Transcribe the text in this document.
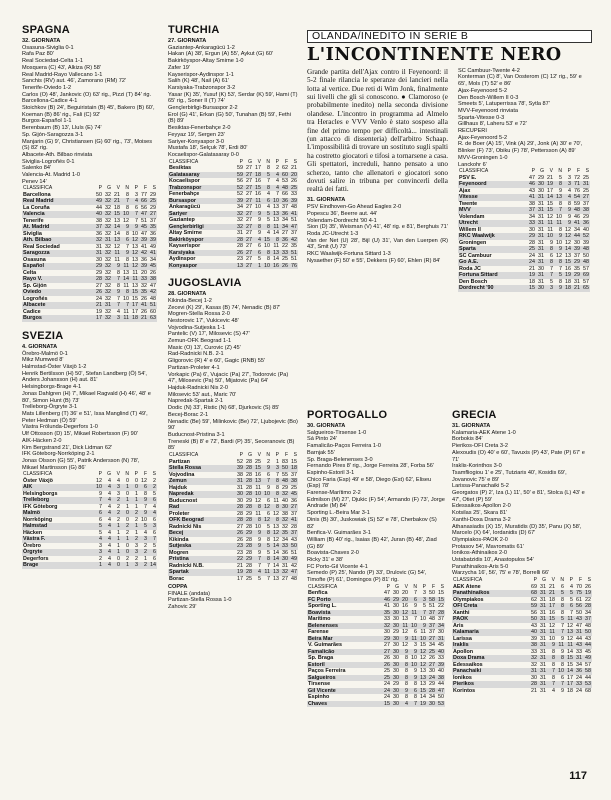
SPAGNA
32. GIORNATA
Osasuna-Siviglia 0-1
Rafa Paz 80'
Real Sociedad-Celta 1-1
Mosquera (C) 43', Alkiza (R) 58'
Real Madrid-Rayo Vallecano 1-1
Sanchis (RV) aut. 46', Zamorano (RM) 72'
Tenerife-Oviedo 1-2
Carlos (O) 48', Jankovic (O) 63' rig., Pizzi (T) 84' rig.
Barcellona-Cadice 4-1
Stoichkov (B) 24', Beguiristain (B) 45', Bakero (B) 60', Koeman (B) 86' rig., Fali (C) 92'
Burgos-Español 1-1
Berenbaum (B) 13', Lluís (E) 74'
Sp. Gijón-Saragozza 3-1
Manjarin (G) 9', Christiansen (G) 60' rig., 73', Moises (S) 82' rig.
Albacete-Ath. Bilbao rinviata
Siviglia-Logroñés 0-1
Salenko 84'
Valencia-At. Madrid 1-0
Penev 14'
CLASSIFICA	P	G	V	N	P	F	S
Barcellona	50	32	21	8	3	77	29
Real Madrid	49	32	21	7	4	66	25
La Coruña	44	32	18	8	6	56	29
Valencia	40	32	15	10	7	47	27
Tenerife	38	32	13	12	7	51	37
At. Madrid	37	32	14	9	9	45	35
Siviglia	36	32	14	8	10	47	36
Ath. Bilbao	32	31	13	6	12	39	39
Real Sociedad	31	32	12	7	13	41	49
Saragozza	31	32	11	9	12	42	41
Osasuna	30	32	11	8	13	36	34
Español	29	32	9	11	12	39	45
Celta	29	32	8	13	11	20	26
Rayo V.	28	32	7	14	11	33	38
Sp. Gijón	27	32	8	11	13	32	47
Oviedo	26	32	9	8	15	35	42
Logroñés	24	32	7	10	15	26	48
Albacete	21	31	7	7	17	41	51
Cadice	19	32	4	11	17	26	60
Burgos	17	32	3	11	18	21	63
SVEZIA
4. GIORNATA
Örebro-Malmö 0-1
Mikz Mumwed 8'
Halmstad-Öster Växjö 1-2
Henrik Bertilsson (H) 50', Stefan Landberg (Ö) 54', Anders Johansson (H) aut. 81'
Helsingborgs-Brage 4-1
Jonas Dahlgren (H) 7', Mikael Ragvald (H) 46', 48' e 80', Simon Hunt (B) 73'
Trelleborg-Örgryte 3-1
Mats Lillenberg (T) 36' e 51', Issa Manglind (T) 49', Peter Hedman (Ö) 59'
Västra Frölunda-Degerfors 1-0
Ulf Ottosson (D) 15', Mikael Robertsson (F) 90'
AIK-Häcken 2-0
Kim Bergstrand 21', Dick Lidman 62'
IFK Göteborg-Norrköping 2-1
Jonas Olsson (G) 55', Patrik Andersson (N) 78', Mikael Martinsson (G) 86'
CLASSIFICA	P	G	V	N	P	F	S
Öster Växjö	12	4	4	0	0	12	2
AIK	10	4	3	1	0	6	2
Helsingborgs	9	4	3	0	1	8	5
Trelleborg	7	4	2	1	1	9	6
IFK Göteborg	7	4	2	1	1	7	4
Malmö	6	4	2	0	2	9	4
Norrköping	6	4	2	0	2	10	6
Halmstad	5	4	1	2	1	5	3
Häcken	5	4	1	2	1	4	6
Västra F.	4	4	1	1	2	3	7
Örebro	3	4	1	0	3	2	5
Örgryte	3	4	1	0	3	2	6
Degerfors	2	4	0	2	2	1	6
Brage	1	4	0	1	3	2	14
TURCHIA
27. GIORNATA
Gaziantep-Ankaragücü 1-2
Hakan (A) 38', Ergun (A) 55', Aykut (G) 60'
Bakirköyspor-Altay Smirne 1-0
Zafer 19'
Kayserispor-Aydinspor 1-1
Salih (K) 48', Nail (A) 61'
Karsiyaka-Trabzonspor 3-2
Yasar (K) 35', Yusuf (K) 53', Serdar (K) 59', Hami (T) 65' rig., Soner II (T) 74'
Gençlerbirligi-Bursaspor 2-2
Erol (G) 41', Erkan (G) 50', Tunahan (B) 59', Fethi (B) 89'
Besiktas-Fenerbahçe 2-0
Feyyaz 19', Sergen 23'
Sariyer-Konyaspor 3-0
Mustafa 18', Selçuk 78', Erdi 80'
Kocaelispor-Galatasaray 0-0
CLASSIFICA	P	G	V	N	P	F	S
Besiktas	59	27	17	8	2	62	21
Galatasaray	59	27	18	5	4	60	20
Kocaelispor	56	27	16	7	4	53	26
Trabzonspor	52	27	15	8	4	48	25
Fenerbahçe	52	27	16	4	7	66	33
Bursaspor	39	27	11	6	10	36	39
Ankaragücü	34	27	10	4	13	37	48
Sariyer	32	27	9	5	13	36	41
Gaziantep	32	27	9	5	13	34	51
Gençlerbirligi	32	27	8	8	11	34	47
Altay Smirne	31	27	9	4	14	27	37
Bakirköyspor	28	27	4	15	8	36	42
Kayserispor	28	27	6	10	11	22	35
Karsiyaka	26	27	6	8	13	33	51
Aydinspor	23	27	5	8	14	25	51
Konyaspor	13	27	1	10	16	26	76
JUGOSLAVIA
28. GIORNATA
Kikinda-Becej 1-2
Zecevi (K) 29', Kasas (B) 74', Nenadic (B) 87'
Mogren-Stella Rossa 2-0
Nestorovic 17', Vukicevic 48'
Vojvodina-Sutjeska 1-1
Pantelic (V) 17', Milosevic (S) 47'
Zemun-OFK Beograd 1-1
Masic (O) 13', Curovic (Z) 45'
Rad-Radnicki N.B. 2-1
Gligorovic (R) 4' e 60', Gagic (RNB) 55'
Partizan-Proleter 4-1
Vorkapic (Pa) 6', Vujacic (Pa) 27', Todorovic (Pa) 47', Milosevic (Pa) 50', Mijatovic (Pa) 64'
Hajduk-Radnicki Nis 2-0
Milosevic 53' aut., Maric 70'
Napredak-Spartak 2-1
Dodic (N) 33', Ristic (N) 68', Djurkovic (S) 85'
Becej-Borac 2-1
Nenadic (Be) 59', Milinkovic (Be) 72', Ljubojevic (Bo) 90'
Buducnost-Pristina 3-1
Treneski (B) 8' e 72', Bardi (P) 35', Seceranovic (B) 85'
CLASSIFICA	P	G	V	N	P	F	S
Partizan	52	28	25	2	1	83	15
Stella Rossa	39	28	15	9	3	50	18
Vojvodina	38	28	16	6	7	55	37
Zemun	31	28	13	7	8	48	38
Hajduk	31	28	11	9	8	29	25
Napredak	30	28	10	10	8	32	45
Buducnost	30	29	12	6	11	40	36
Rad	28	28	8	12	8	30	27
Proleter	28	29	11	6	12	38	37
OFK Beograd	28	28	8	12	8	32	41
Radnicki Nis	27	28	10	5	13	32	28
Becej	26	29	9	8	12	35	37
Kikinda	26	28	9	8	12	34	43
Sutjeska	23	28	9	5	14	33	50
Mogren	23	28	9	5	14	36	51
Pristina	22	29	7	8	14	30	49
Radnicki N.B.	21	28	7	7	14	31	42
Spartak	19	28	4	11	13	32	47
Borac	17	25	5	7	13	27	48
COPPA
FINALE (andata)
Partizan-Stella Rossa 1-0
Zahovic 29'
OLANDA/INEDITO IN SERIE B
L'INCONTINENTE NERO
Grande partita dell'Ajax contro il Feyenoord: il 5-2 finale rilancia le speranze dei lancieri nella lotta al vertice. Due reti di Wim Jonk, finalmente sui livelli che gli si conoscono. ● Clamoroso (e probabilmente inedito) nella seconda divisione olandese. L'incontro in programma ad Almelo tra Heracles e VVV Venlo è stato sospeso alla fine del primo tempo per difficoltà... intestinali (un attacco di dissenteria) dell'arbitro Schaap. L'impossibilità di trovare un sostituto sugli spalti ha costretto giocatori e tifosi a tornarsene a casa. Gli spettatori, increduli, hanno pensato a uno scherzo, tanto che allenatori e giocatori sono dovuti salire in tribuna per convincerli della realtà dei fatti.
31. GIORNATA
PSV Eindhoven-Go Ahead Eagles 2-0
Popescu 36', Beerre aut. 44'
Volendam-Dordrecht '90 4-1
Sion (D) 35', Weisman (V) 41', 48' rig. e 81', Berghuis 71'
Roda JC-Utrecht 1-3
Van der Net (U) 28', Bijl (U) 31', Van den Luerpen (R) 43', Smit (U) 73'
RKC Waalwijk-Fortuna Sittard 1-3
Nysaether (F) 50' e 55', Dekkers (F) 60', Ehlen (R) 84'
SC Cambuur-Twente 4-2
Konterman (C) 8', Van Oosterom (C) 12' rig., 59' e 65', Mols (T) 52' e 86'
Ajax-Feyenoord 5-2
Den Bosch-Willem II 0-3
Smeets 5', Latuperrissa 78', Sytla 87'
MVV-Feyenoord rinviata
Sparta-Vitesse 0-3
Gillhaus 8', Laheru 53' e 72'
RECUPERI
Ajax-Feyenoord 5-2
R. de Boer (A) 15', Vink (A) 29', Jonk (A) 30' e 70', Blinker (F) 73', Obiku (F) 78', Pettersson (A) 89'
MVV-Groningen 1-0
Lanckohr 6'
CLASSIFICA	P	G	V	N	P	F	S
PSV E.	47	29	21	5	3	72	25
Feyenoord	46	30	19	8	3	71	31
Ajax	43	30	17	9	4	76	25
Vitesse	41	31	14	13	4	54	27
Twente	38	31	15	8	8	59	37
MVV	37	31	15	7	9	48	38
Volendam	34	31	12	10	9	46	29
Utrecht	33	31	11	11	9	41	36
Willem II	30	31	11	8	12	34	40
RKC Waalwijk	29	31	10	9	12	44	52
Groningen	28	31	9	10	12	30	39
Sparta	25	31	8	9	14	39	48
SC Cambuur	24	31	6	12	13	37	50
Go A.E.	24	31	8	8	15	29	48
Roda JC	21	30	7	7	16	35	57
Fortuna Sittard	19	31	7	5	19	29	69
Den Bosch	18	31	5	8	18	31	57
Dordrecht '90	15	30	3	9	18	21	65
PORTOGALLO
30. GIORNATA
Salgueiros-Tirsense 1-0
Sá Pinto 24'
Famalicão-Paços Ferreira 1-0
Barnjak 55'
Sp. Braga-Belenenses 3-0
Fernando Pires 8' rig., Jorge Ferreira 28', Forba 56'
Espinho-Estoril 3-1
Chico Faria (Esp) 49' e 58', Diego (Est) 62', Eliseu (Esp) 78'
Farense-Marítimo 2-2
Edmilson (M) 27', Djukic (F) 54', Armando (F) 73', Jorge Andrade (M) 84'
Sporting L.-Beira Mar 3-1
Dinis (B) 30', Juskowiak (S) 52' e 78', Cherbakov (S) 82'
Benfica-V. Guimarães 3-1
William (B) 40' rig., Isaias (B) 42', Juran (B) 48', Ziad (G) 89'
Boavista-Chaves 2-0
Ricky 31' e 38'
FC Porto-Gil Vicente 4-1
Semedo (P) 25', Nando (P) 33', Drulovic (G) 54', Timofte (P) 61', Domingos (P) 81' rig.
CLASSIFICA	P	G	V	N	P	F	S
Benfica	47	30	20	7	3	50	15
FC Porto	46	29	20	6	3	58	15
Sporting L.	41	30	16	9	5	51	22
Boavista	35	30	12	11	7	37	28
Marítimo	33	30	13	7	10	48	37
Belenenses	32	30	11	10	9	37	34
Farense	30	29	12	6	11	37	30
Beira Mar	29	30	9	11	10	27	31
V. Guimarães	27	30	12	3	15	34	45
Famalicão	27	30	9	9	12	25	40
Sp. Braga	26	30	8	10	12	26	33
Estoril	26	30	8	10	12	27	39
Paços Ferreira	25	30	8	9	13	30	40
Salgueiros	25	30	8	9	13	24	38
Tirsense	24	29	8	8	13	29	44
Gil Vicente	24	30	9	6	15	28	47
Espinho	24	30	8	8	14	34	50
Chaves	15	30	4	7	19	30	53
GRECIA
31. GIORNATA
Kalamaria-AEK Atene 1-0
Borbokis 84'
Pierikos-OFI Creta 3-2
Alexoudis (O) 40' e 60', Tavuxis (P) 43', Pate (P) 67' e 71'
Iraklis-Korinthos 3-0
Tsamfliogiou 1' e 25', Tutziaris 40', Kosidis 69', Jovanovic 75' e 89'
Larissa-Panachaiki 5-2
Georgatos (P) 2', Iza (L) 11', 50' e 81', Stolca (L) 43' e 47', Otiet (P) 59'
Edessaikos-Apollon 2-0
Kotsilas 25', Skara 81'
Xanthi-Doxa Drama 3-2
Athanasiadis (X) 15', Muratidis (D) 35', Panu (X) 58', Marcelo (X) 64', Iordanidis (D) 67'
Olympiakos-PAOK 2-0
Protasov 54', Mavromatis 61'
Ionikos-Athinaikos 2-0
Ustabatzidis 10', Anastopulos 54'
Panathinaikos-Aris 5-0
Warzycha 16', 56', 75' e 78', Borrelli 66'
CLASSIFICA	P	G	V	N	P	F	S
AEK Atene	69	31	21	6	4	70	26
Panathinaikos	68	31	21	5	5	75	19
Olympiakos	62	31	18	8	5	61	22
OFI Creta	59	31	17	8	6	56	28
Xanthi	56	31	16	8	7	50	34
PAOK	50	31	15	5	11	43	37
Aris	43	31	12	7	12	47	48
Kalamaria	40	31	11	7	13	31	50
Larissa	39	31	10	9	12	44	43
Iraklis	38	31	9	11	11	43	44
Apollon	33	31	8	9	14	33	45
Doxa Drama	32	31	8	8	15	31	49
Edessaikos	32	31	8	8	15	34	57
Panachaiki	31	31	7	10	14	36	58
Ionikos	30	31	8	6	17	24	44
Pierikos	28	31	7	7	17	33	53
Korintos	21	31	4	9	18	24	68
117
